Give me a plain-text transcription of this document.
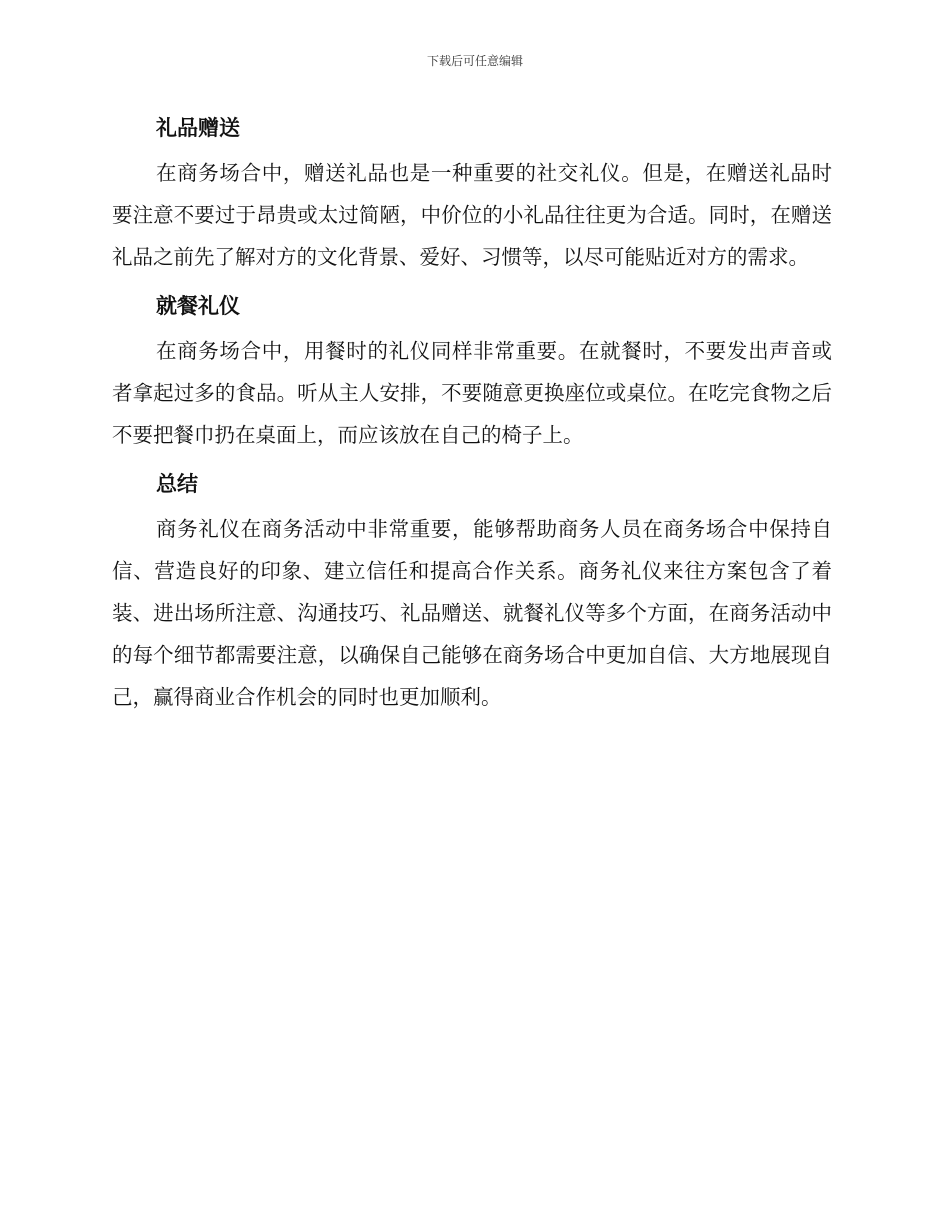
下载后可任意编辑
礼品赠送

在商务场合中，赠送礼品也是一种重要的社交礼仪。但是，在赠送礼品时要注意不要过于昂贵或太过简陋，中价位的小礼品往往更为合适。同时，在赠送礼品之前先了解对方的文化背景、爱好、习惯等，以尽可能贴近对方的需求。

就餐礼仪

在商务场合中，用餐时的礼仪同样非常重要。在就餐时，不要发出声音或者拿起过多的食品。听从主人安排，不要随意更换座位或桌位。在吃完食物之后不要把餐巾扔在桌面上，而应该放在自己的椅子上。

总结

商务礼仪在商务活动中非常重要，能够帮助商务人员在商务场合中保持自信、营造良好的印象、建立信任和提高合作关系。商务礼仪来往方案包含了着装、进出场所注意、沟通技巧、礼品赠送、就餐礼仪等多个方面，在商务活动中的每个细节都需要注意，以确保自己能够在商务场合中更加自信、大方地展现自己，赢得商业合作机会的同时也更加顺利。
